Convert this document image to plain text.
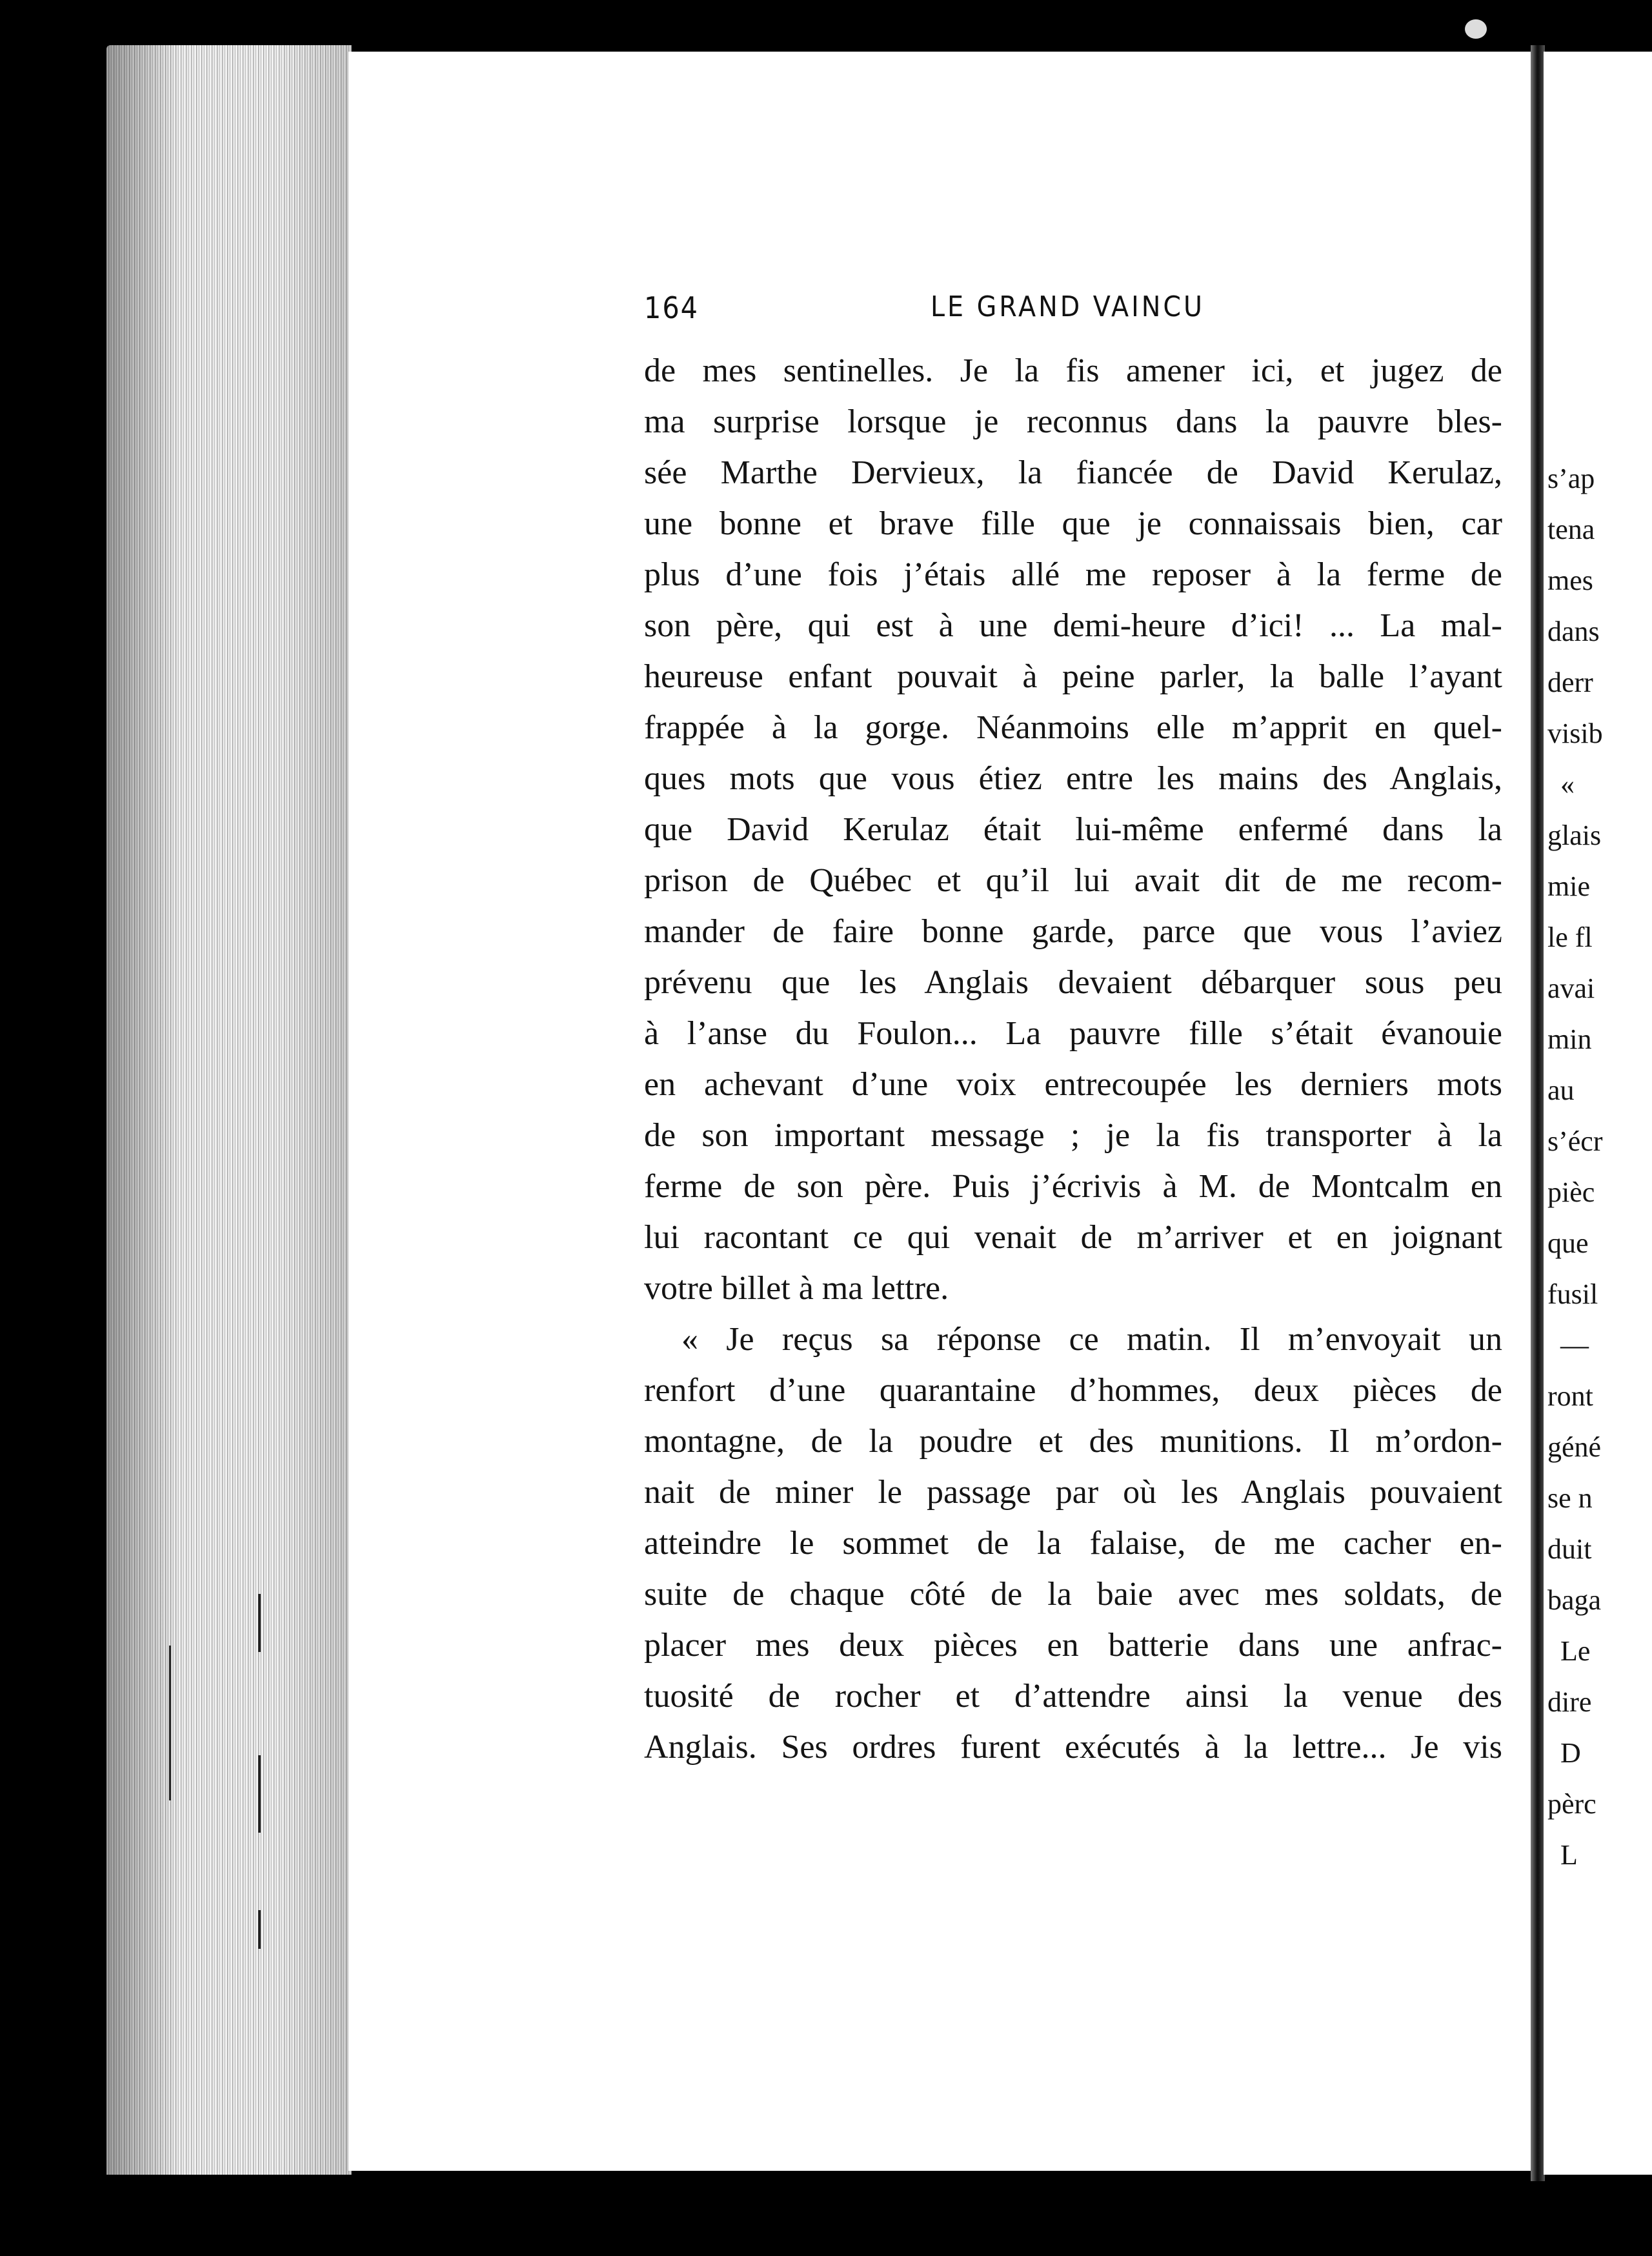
s’ap
tena
mes
dans
derr
visib
«
glais
mie
le fl
avai
min
au
s’écr
pièc
que
fusil
—
ront
géné
se n
duit
baga
Le
dire
D
pèrc
L
164	LE GRAND VAINCU
de mes sentinelles. Je la fis amener ici, et jugez de
ma surprise lorsque je reconnus dans la pauvre bles-
sée Marthe Dervieux, la fiancée de David Kerulaz,
une bonne et brave fille que je connaissais bien, car
plus d’une fois j’étais allé me reposer à la ferme de
son père, qui est à une demi-heure d’ici! ... La mal-
heureuse enfant pouvait à peine parler, la balle l’ayant
frappée à la gorge. Néanmoins elle m’apprit en quel-
ques mots que vous étiez entre les mains des Anglais,
que David Kerulaz était lui-même enfermé dans la
prison de Québec et qu’il lui avait dit de me recom-
mander de faire bonne garde, parce que vous l’aviez
prévenu que les Anglais devaient débarquer sous peu
à l’anse du Foulon... La pauvre fille s’était évanouie
en achevant d’une voix entrecoupée les derniers mots
de son important message ; je la fis transporter à la
ferme de son père. Puis j’écrivis à M. de Montcalm en
lui racontant ce qui venait de m’arriver et en joignant
votre billet à ma lettre.
« Je reçus sa réponse ce matin. Il m’envoyait un
renfort d’une quarantaine d’hommes, deux pièces de
montagne, de la poudre et des munitions. Il m’ordon-
nait de miner le passage par où les Anglais pouvaient
atteindre le sommet de la falaise, de me cacher en-
suite de chaque côté de la baie avec mes soldats, de
placer mes deux pièces en batterie dans une anfrac-
tuosité de rocher et d’attendre ainsi la venue des
Anglais. Ses ordres furent exécutés à la lettre... Je vis
